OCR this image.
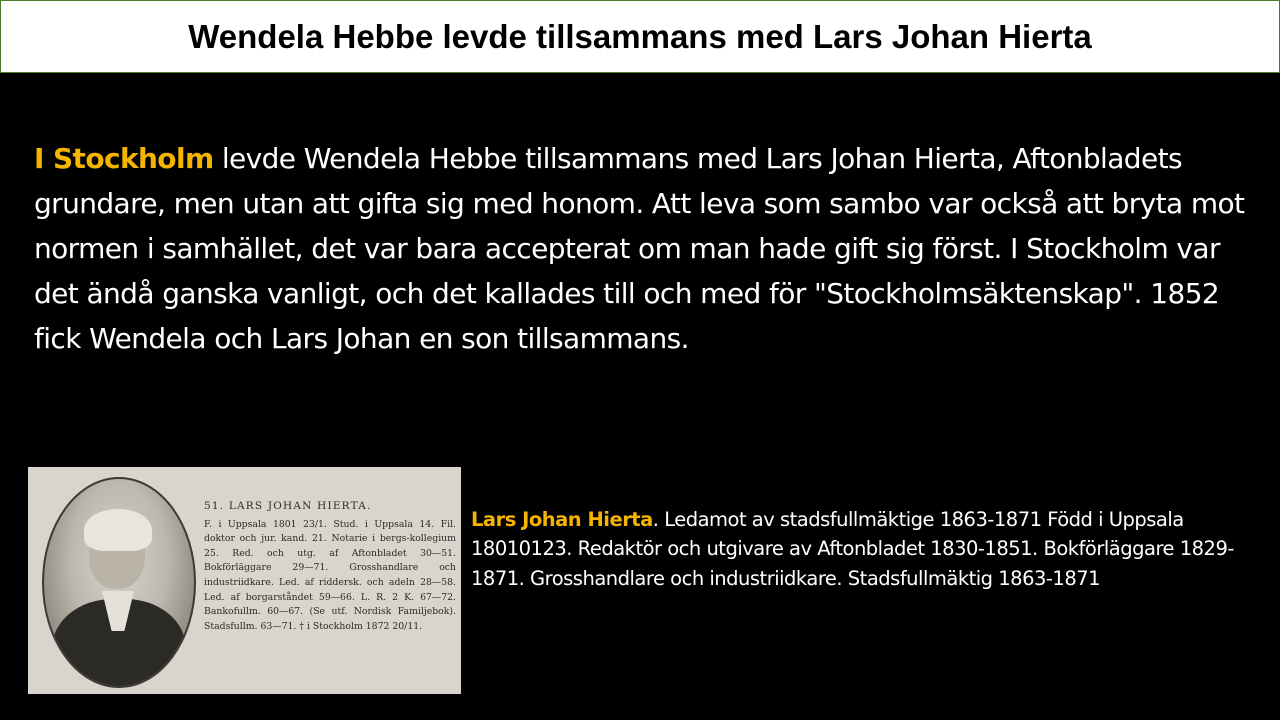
Wendela Hebbe levde tillsammans med Lars Johan Hierta
I Stockholm levde Wendela Hebbe tillsammans med Lars Johan Hierta, Aftonbladets grundare, men utan att gifta sig med honom. Att leva som sambo var också att bryta mot normen i samhället, det var bara accepterat om man hade gift sig först. I Stockholm var det ändå ganska vanligt, och det kallades till och med för "Stockholmsäktenskap". 1852 fick Wendela och Lars Johan en son tillsammans.
51. LARS JOHAN HIERTA.
F. i Uppsala 1801 23/1. Stud. i Uppsala 14. Fil. doktor och jur. kand. 21. Notarie i bergs-kollegium 25. Red. och utg. af Aftonbladet 30—51. Bokförläggare 29—71. Grosshandlare och industriidkare. Led. af riddersk. och adeln 28—58. Led. af borgarståndet 59—66. L. R. 2 K. 67—72. Bankofullm. 60—67. (Se utf. Nordisk Familjebok). Stadsfullm. 63—71. † i Stockholm 1872 20/11.
Lars Johan Hierta. Ledamot av stadsfullmäktige 1863-1871 Född i Uppsala 18010123. Redaktör och utgivare av Aftonbladet 1830-1851. Bokförläggare 1829-1871. Grosshandlare och industriidkare. Stadsfullmäktig 1863-1871
